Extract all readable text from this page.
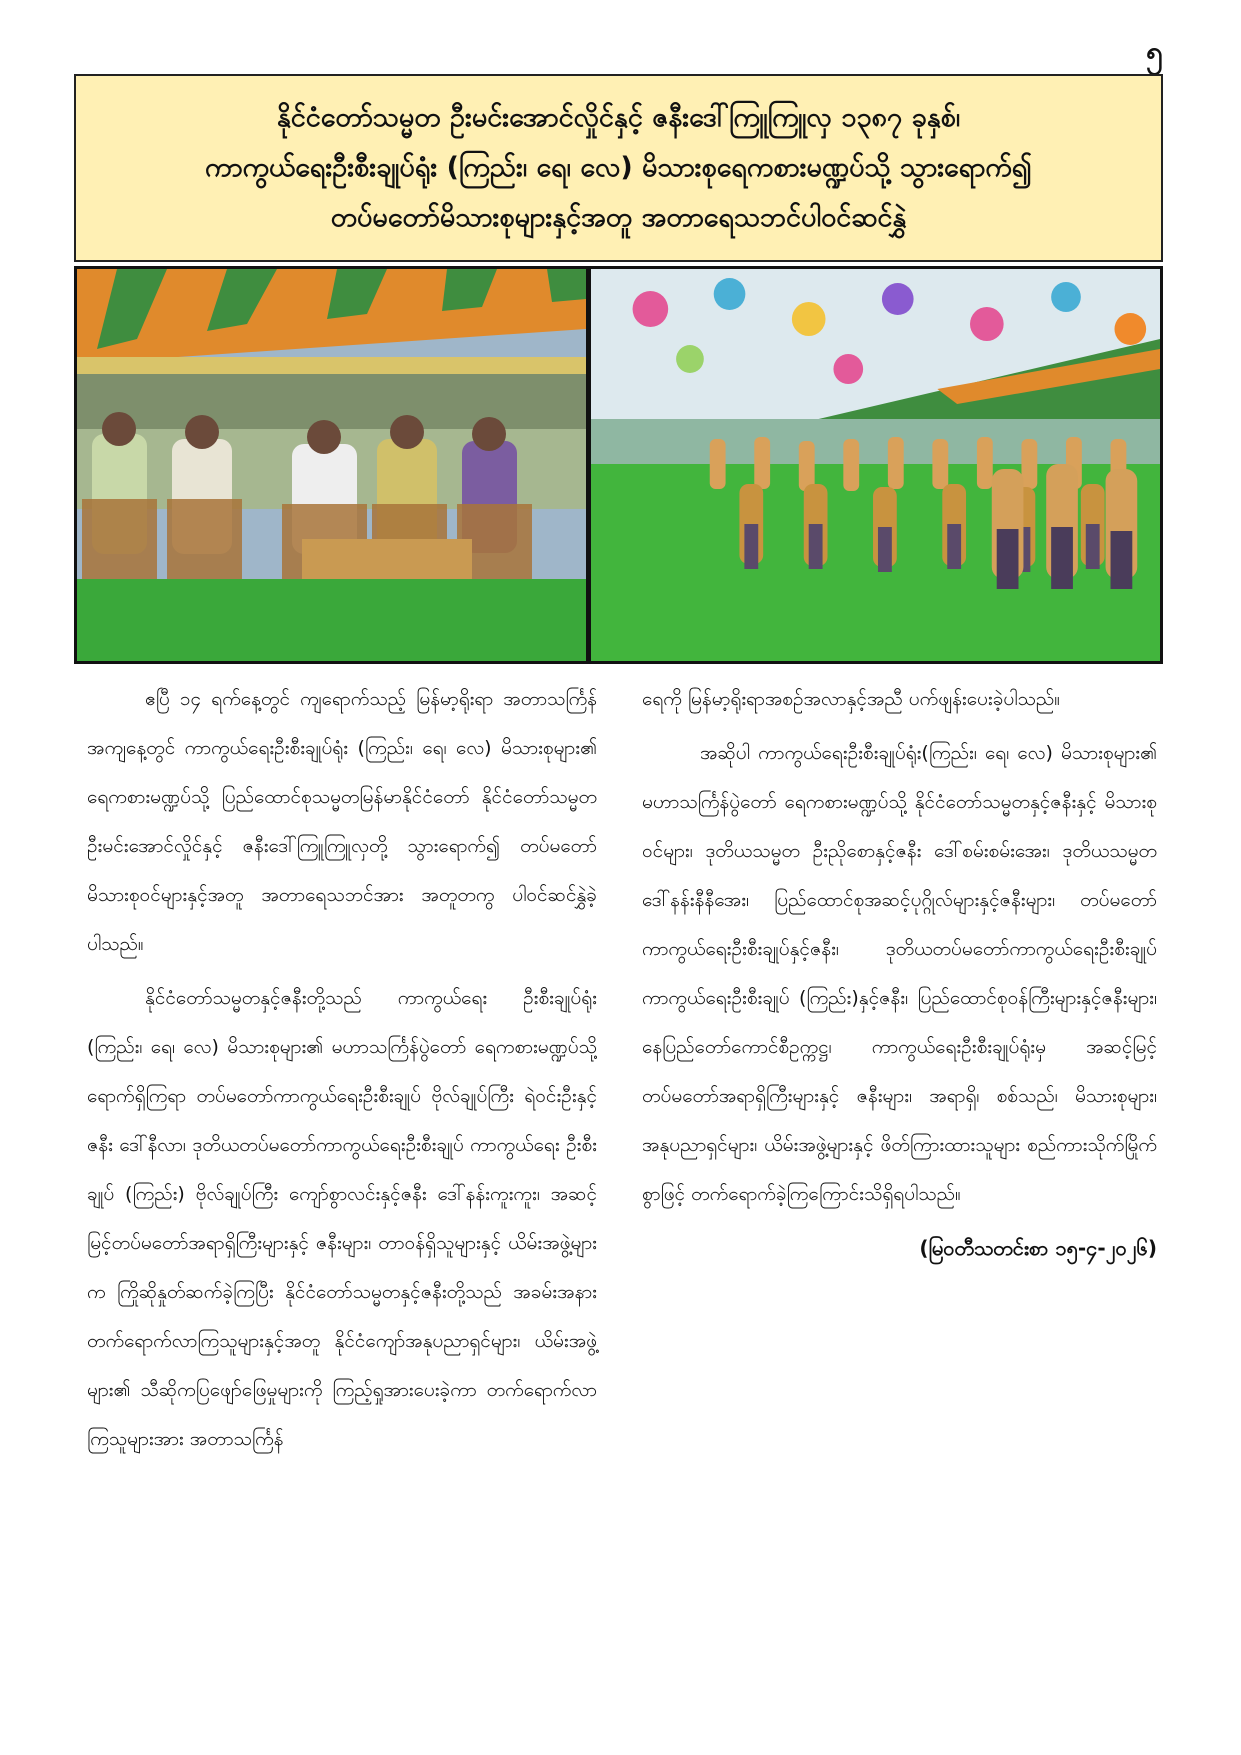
၅
နိုင်ငံတော်သမ္မတ ဦးမင်းအောင်လှိုင်နှင့် ဇနီးဒေါ်ကြူကြူလှ ၁၃၈၇ ခုနှစ်၊
ကာကွယ်ရေးဦးစီးချုပ်ရုံး (ကြည်း၊ ရေ၊ လေ) မိသားစုရေကစားမဏ္ဍပ်သို့ သွားရောက်၍
တပ်မတော်မိသားစုများနှင့်အတူ အတာရေသဘင်ပါဝင်ဆင်နွှဲ

ဧပြီ ၁၄ ရက်နေ့တွင် ကျရောက်သည့် မြန်မာ့ရိုးရာ အတာသင်္ကြန်အကျနေ့တွင် ကာကွယ်ရေးဦးစီးချုပ်ရုံး (ကြည်း၊ ရေ၊ လေ) မိသားစုများ၏ ရေကစားမဏ္ဍပ်သို့ ပြည်ထောင်စုသမ္မတမြန်မာနိုင်ငံတော် နိုင်ငံတော်သမ္မတ ဦးမင်းအောင်လှိုင်နှင့် ဇနီးဒေါ်ကြူကြူလှတို့ သွားရောက်၍ တပ်မတော်မိသားစုဝင်များနှင့်အတူ အတာရေသဘင်အား အတူတကွ ပါဝင်ဆင်နွှဲခဲ့ပါသည်။

နိုင်ငံတော်သမ္မတနှင့်ဇနီးတို့သည် ကာကွယ်ရေး ဦးစီးချုပ်ရုံး (ကြည်း၊ ရေ၊ လေ) မိသားစုများ၏ မဟာသင်္ကြန်ပွဲတော် ရေကစားမဏ္ဍပ်သို့ရောက်ရှိကြရာ တပ်မတော်ကာကွယ်ရေးဦးစီးချုပ် ဗိုလ်ချုပ်ကြီး ရဲဝင်းဦးနှင့်ဇနီး ဒေါ်နီလာ၊ ဒုတိယတပ်မတော်ကာကွယ်ရေးဦးစီးချုပ် ကာကွယ်ရေး ဦးစီးချုပ် (ကြည်း) ဗိုလ်ချုပ်ကြီး ကျော်စွာလင်းနှင့်ဇနီး ဒေါ်နန်းကူးကူး၊ အဆင့်မြင့်တပ်မတော်အရာရှိကြီးများနှင့် ဇနီးများ၊ တာဝန်ရှိသူများနှင့် ယိမ်းအဖွဲ့များက ကြိုဆိုနှုတ်ဆက်ခဲ့ကြပြီး နိုင်ငံတော်သမ္မတနှင့်ဇနီးတို့သည် အခမ်းအနား တက်ရောက်လာကြသူများနှင့်အတူ နိုင်ငံကျော်အနုပညာရှင်များ၊ ယိမ်းအဖွဲ့များ၏ သီဆိုကပြဖျော်ဖြေမှုများကို ကြည့်ရှုအားပေးခဲ့ကာ တက်ရောက်လာကြသူများအား အတာသင်္ကြန်

ရေကို မြန်မာ့ရိုးရာအစဉ်အလာနှင့်အညီ ပက်ဖျန်းပေးခဲ့ပါသည်။

အဆိုပါ ကာကွယ်ရေးဦးစီးချုပ်ရုံး(ကြည်း၊ ရေ၊ လေ) မိသားစုများ၏ မဟာသင်္ကြန်ပွဲတော် ရေကစားမဏ္ဍပ်သို့ နိုင်ငံတော်သမ္မတနှင့်ဇနီးနှင့် မိသားစုဝင်များ၊ ဒုတိယသမ္မတ ဦးညိုစောနှင့်ဇနီး ဒေါ်စမ်းစမ်းအေး၊ ဒုတိယသမ္မတ ဒေါ်နန်းနီနီအေး၊ ပြည်ထောင်စုအဆင့်ပုဂ္ဂိုလ်များနှင့်ဇနီးများ၊ တပ်မတော်ကာကွယ်ရေးဦးစီးချုပ်နှင့်ဇနီး၊ ဒုတိယတပ်မတော်ကာကွယ်ရေးဦးစီးချုပ် ကာကွယ်ရေးဦးစီးချုပ် (ကြည်း)နှင့်ဇနီး၊ ပြည်ထောင်စုဝန်ကြီးများနှင့်ဇနီးများ၊ နေပြည်တော်ကောင်စီဥက္ကဋ္ဌ၊ ကာကွယ်ရေးဦးစီးချုပ်ရုံးမှ အဆင့်မြင့်တပ်မတော်အရာရှိကြီးများနှင့် ဇနီးများ၊ အရာရှိ၊ စစ်သည်၊ မိသားစုများ၊ အနုပညာရှင်များ၊ ယိမ်းအဖွဲ့များနှင့် ဖိတ်ကြားထားသူများ စည်ကားသိုက်မြိုက်စွာဖြင့် တက်ရောက်ခဲ့ကြကြောင်းသိရှိရပါသည်။

(မြဝတီသတင်းစာ ၁၅-၄-၂၀၂၆)
